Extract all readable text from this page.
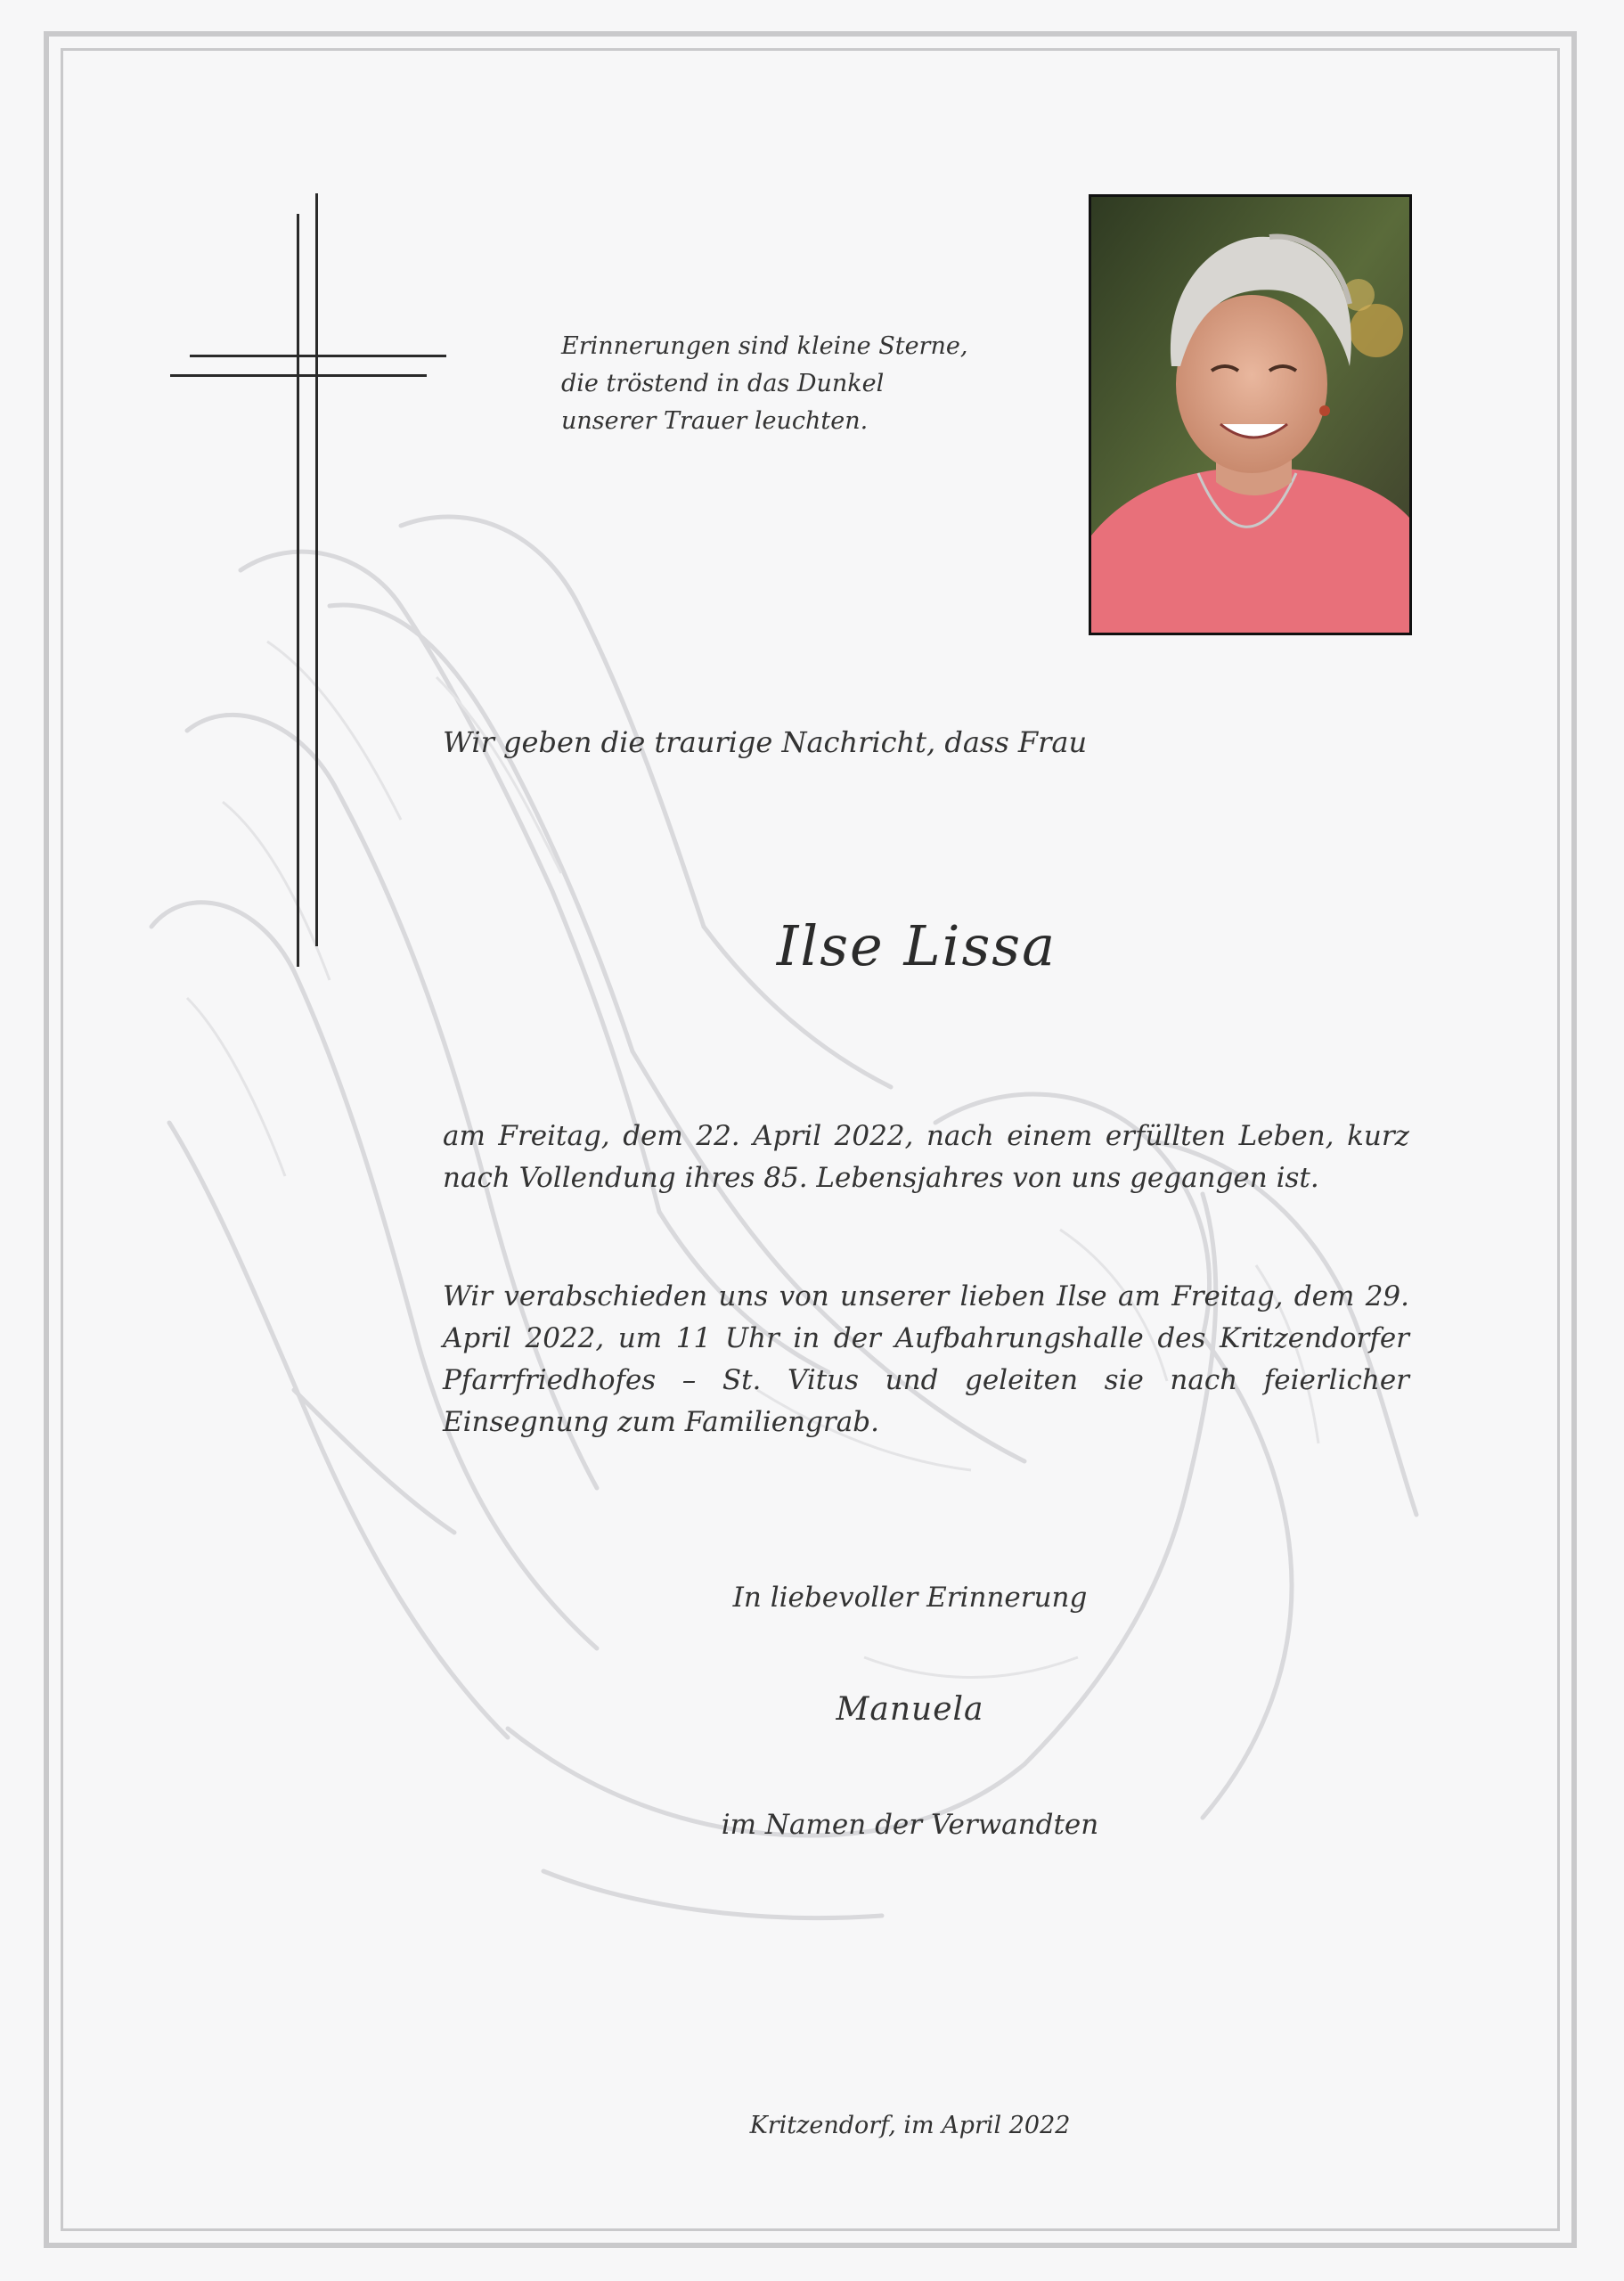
Erinnerungen sind kleine Sterne,
die tröstend in das Dunkel
unserer Trauer leuchten.
Wir geben die traurige Nachricht, dass Frau
Ilse Lissa
am Freitag, dem 22. April 2022, nach einem erfüllten Leben, kurz nach Vollendung ihres 85. Lebensjahres von uns gegangen ist.
Wir verabschieden uns von unserer lieben Ilse am Freitag, dem 29. April 2022, um 11 Uhr in der Aufbahrungshalle des Kritzendorfer Pfarrfriedhofes – St. Vitus und geleiten sie nach feierlicher Einsegnung zum Familiengrab.
In liebevoller Erinnerung
Manuela
im Namen der Verwandten
Kritzendorf, im April 2022
